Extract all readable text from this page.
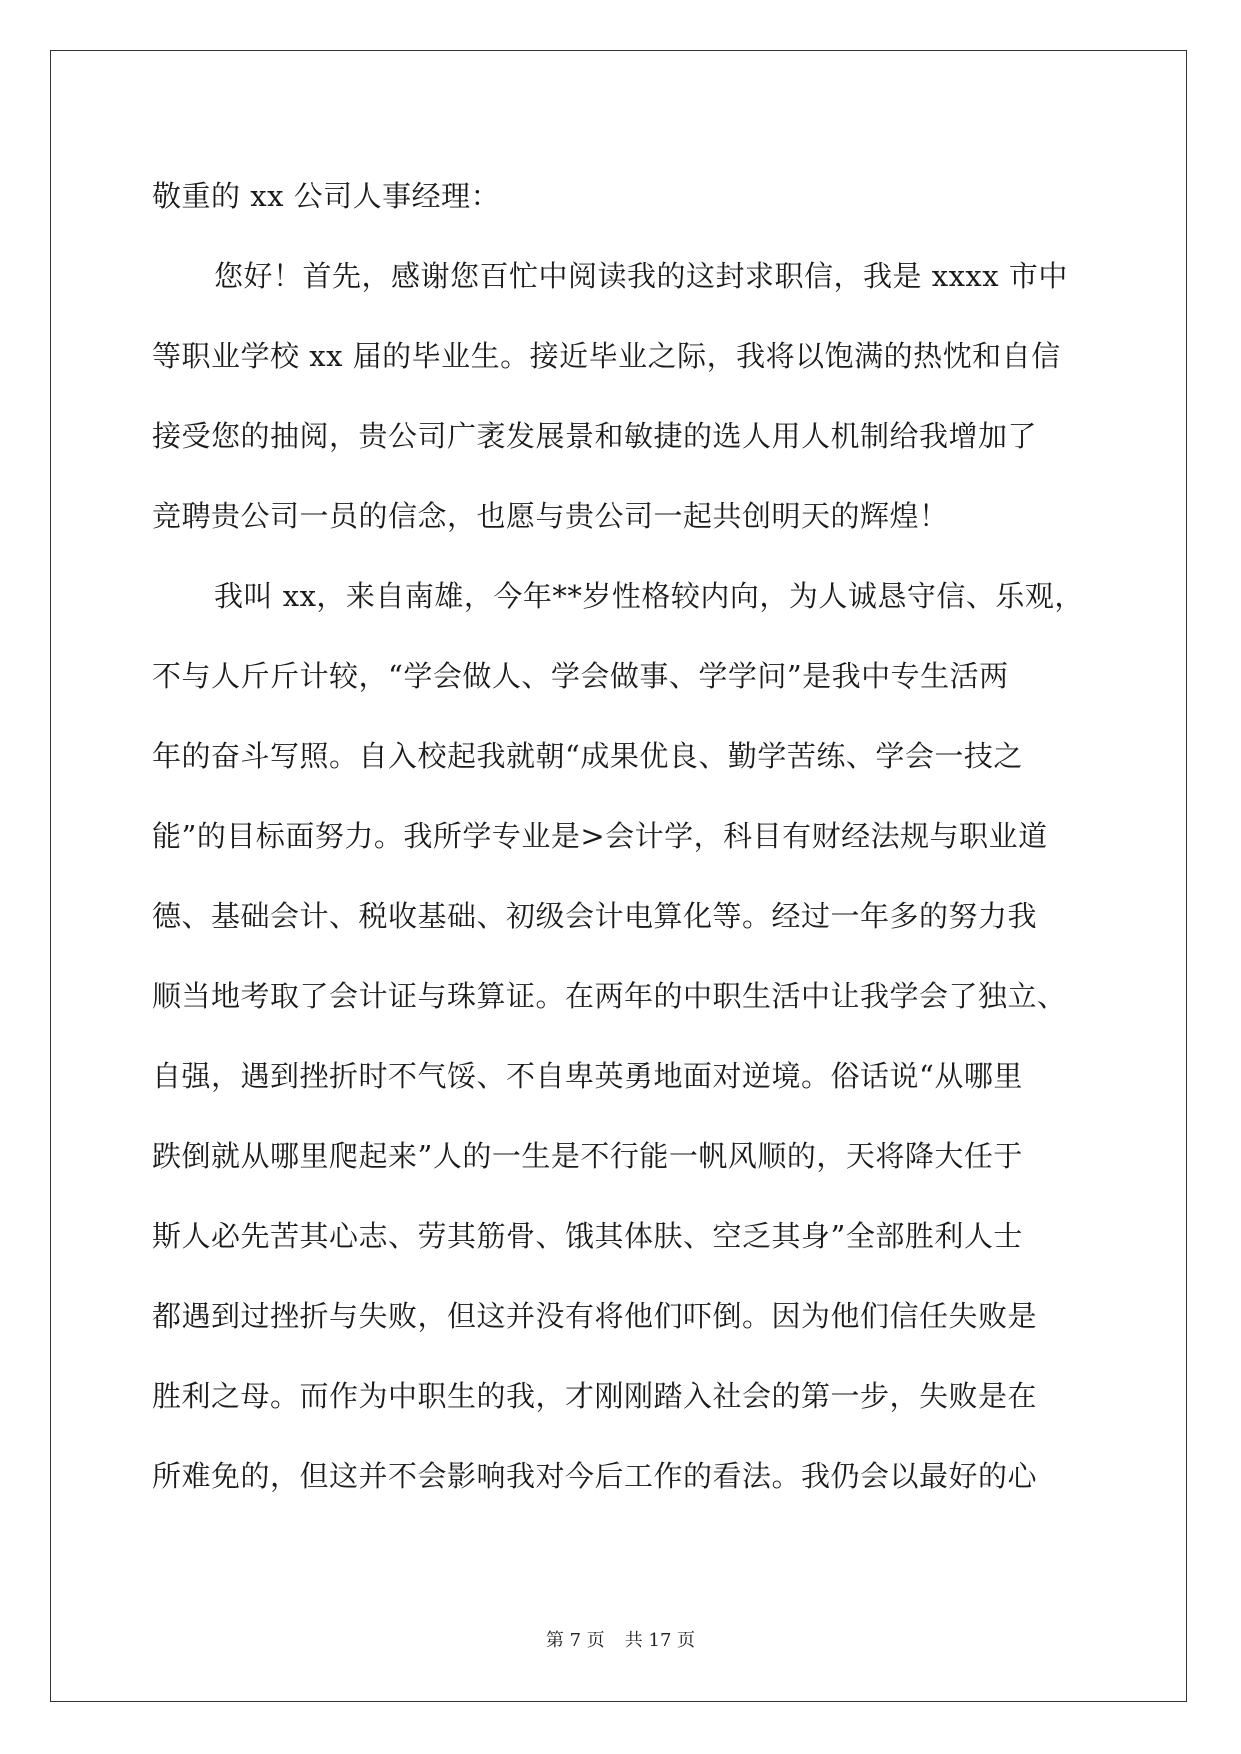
敬重的 xx 公司人事经理：
您好！首先，感谢您百忙中阅读我的这封求职信，我是 xxxx 市中
等职业学校 xx 届的毕业生。接近毕业之际，我将以饱满的热忱和自信
接受您的抽阅，贵公司广袤发展景和敏捷的选人用人机制给我增加了
竞聘贵公司一员的信念，也愿与贵公司一起共创明天的辉煌！
我叫 xx，来自南雄，今年**岁性格较内向，为人诚恳守信、乐观，
不与人斤斤计较，“学会做人、学会做事、学学问”是我中专生活两
年的奋斗写照。自入校起我就朝“成果优良、勤学苦练、学会一技之
能”的目标面努力。我所学专业是>会计学，科目有财经法规与职业道
德、基础会计、税收基础、初级会计电算化等。经过一年多的努力我
顺当地考取了会计证与珠算证。在两年的中职生活中让我学会了独立、
自强，遇到挫折时不气馁、不自卑英勇地面对逆境。俗话说“从哪里
跌倒就从哪里爬起来”人的一生是不行能一帆风顺的，天将降大任于
斯人必先苦其心志、劳其筋骨、饿其体肤、空乏其身”全部胜利人士
都遇到过挫折与失败，但这并没有将他们吓倒。因为他们信任失败是
胜利之母。而作为中职生的我，才刚刚踏入社会的第一步，失败是在
所难免的，但这并不会影响我对今后工作的看法。我仍会以最好的心
第 7 页 共 17 页
